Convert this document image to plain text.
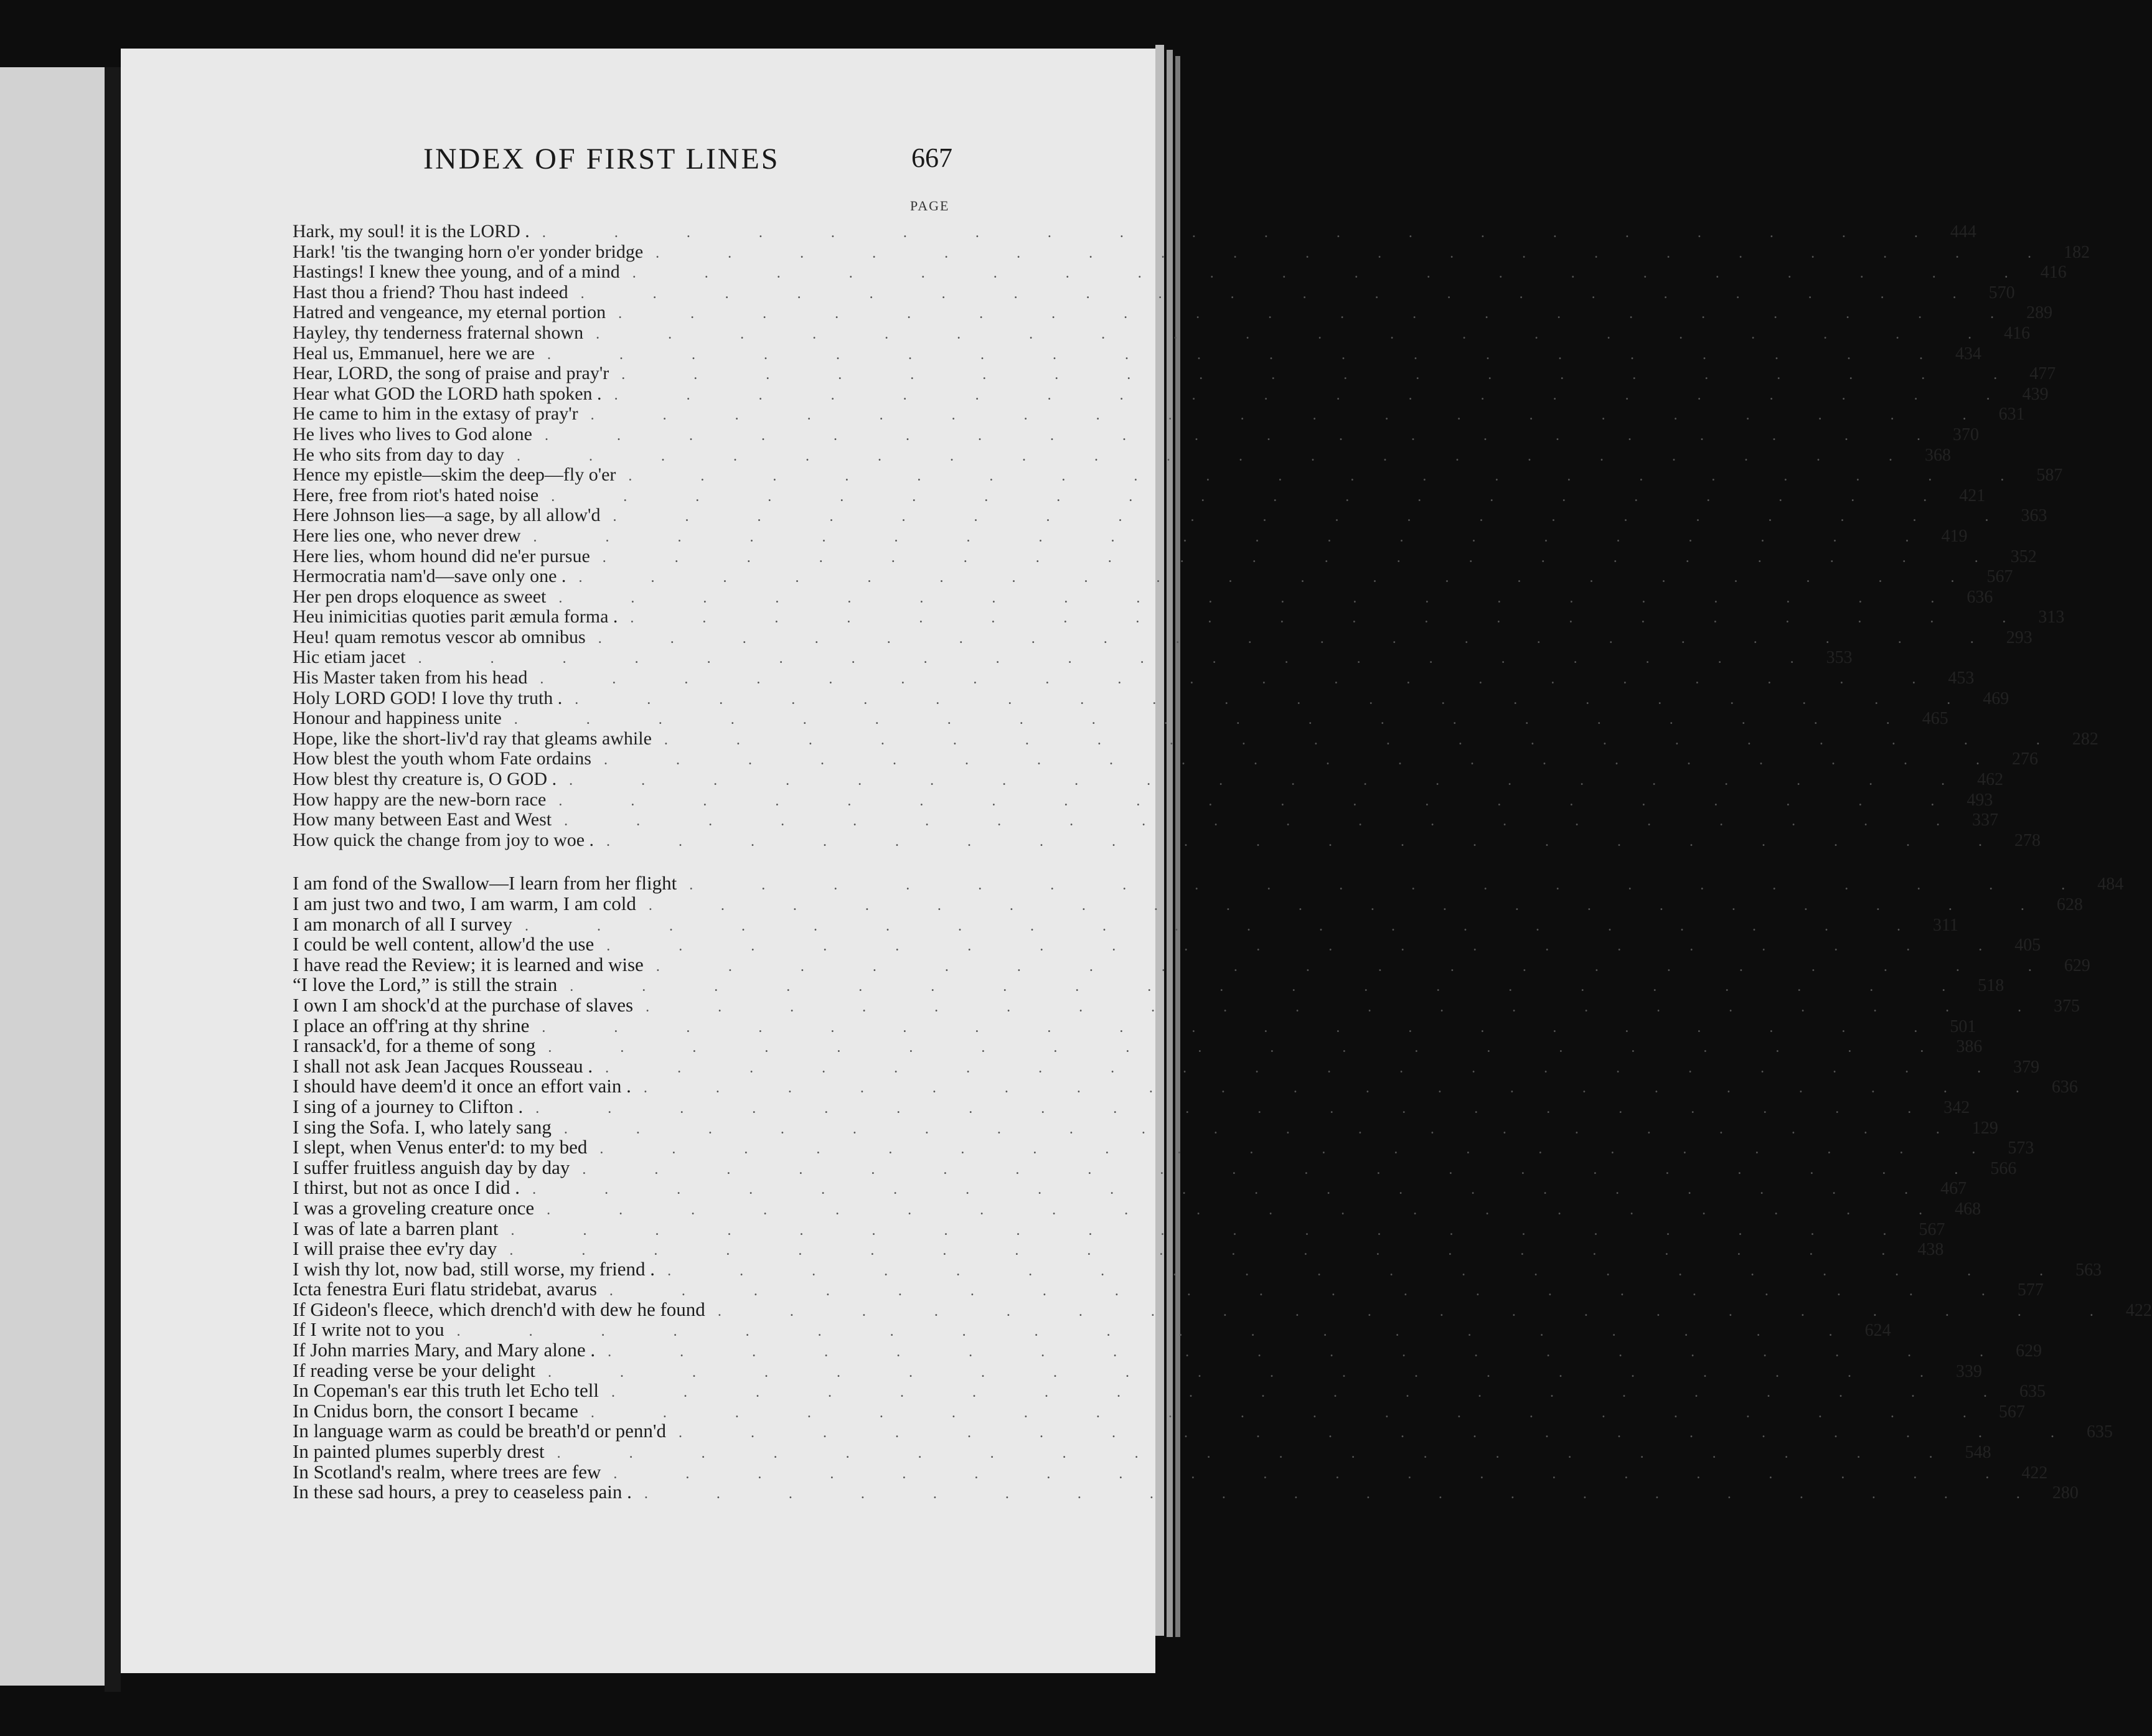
INDEX OF FIRST LINES	667
PAGE
Hark, my soul! it is the LORD . . . . . . . . . . . . . . . . . . . . . 444
Hark! 'tis the twanging horn o'er yonder bridge . . . . . . . . . . . . . . . . . . . . 182
Hastings! I knew thee young, and of a mind . . . . . . . . . . . . . . . . . . . . 416
Hast thou a friend? Thou hast indeed . . . . . . . . . . . . . . . . . . . . 570
Hatred and vengeance, my eternal portion . . . . . . . . . . . . . . . . . . . . 289
Hayley, thy tenderness fraternal shown . . . . . . . . . . . . . . . . . . . . 416
Heal us, Emmanuel, here we are . . . . . . . . . . . . . . . . . . . . 434
Hear, LORD, the song of praise and pray'r . . . . . . . . . . . . . . . . . . . . 477
Hear what GOD the LORD hath spoken . . . . . . . . . . . . . . . . . . . . . 439
He came to him in the extasy of pray'r . . . . . . . . . . . . . . . . . . . . 631
He lives who lives to God alone . . . . . . . . . . . . . . . . . . . . 370
He who sits from day to day . . . . . . . . . . . . . . . . . . . . 368
Hence my epistle—skim the deep—fly o'er . . . . . . . . . . . . . . . . . . . . 587
Here, free from riot's hated noise . . . . . . . . . . . . . . . . . . . . 421
Here Johnson lies—a sage, by all allow'd . . . . . . . . . . . . . . . . . . . . 363
Here lies one, who never drew . . . . . . . . . . . . . . . . . . . . 419
Here lies, whom hound did ne'er pursue . . . . . . . . . . . . . . . . . . . . 352
Hermocratia nam'd—save only one . . . . . . . . . . . . . . . . . . . . . 567
Her pen drops eloquence as sweet . . . . . . . . . . . . . . . . . . . . 636
Heu inimicitias quoties parit æmula forma . . . . . . . . . . . . . . . . . . . . . 313
Heu! quam remotus vescor ab omnibus . . . . . . . . . . . . . . . . . . . . 293
Hic etiam jacet . . . . . . . . . . . . . . . . . . . . 353
His Master taken from his head . . . . . . . . . . . . . . . . . . . . 453
Holy LORD GOD! I love thy truth . . . . . . . . . . . . . . . . . . . . . 469
Honour and happiness unite . . . . . . . . . . . . . . . . . . . . 465
Hope, like the short-liv'd ray that gleams awhile . . . . . . . . . . . . . . . . . . . . 282
How blest the youth whom Fate ordains . . . . . . . . . . . . . . . . . . . . 276
How blest thy creature is, O GOD . . . . . . . . . . . . . . . . . . . . . 462
How happy are the new-born race . . . . . . . . . . . . . . . . . . . . 493
How many between East and West . . . . . . . . . . . . . . . . . . . . 337
How quick the change from joy to woe . . . . . . . . . . . . . . . . . . . . . 278
I am fond of the Swallow—I learn from her flight . . . . . . . . . . . . . . . . . . . . 484
I am just two and two, I am warm, I am cold . . . . . . . . . . . . . . . . . . . . 628
I am monarch of all I survey . . . . . . . . . . . . . . . . . . . . 311
I could be well content, allow'd the use . . . . . . . . . . . . . . . . . . . . 405
I have read the Review; it is learned and wise . . . . . . . . . . . . . . . . . . . . 629
“I love the Lord,” is still the strain . . . . . . . . . . . . . . . . . . . . 518
I own I am shock'd at the purchase of slaves . . . . . . . . . . . . . . . . . . . . 375
I place an off'ring at thy shrine . . . . . . . . . . . . . . . . . . . . 501
I ransack'd, for a theme of song . . . . . . . . . . . . . . . . . . . . 386
I shall not ask Jean Jacques Rousseau . . . . . . . . . . . . . . . . . . . . . 379
I should have deem'd it once an effort vain . . . . . . . . . . . . . . . . . . . . . 636
I sing of a journey to Clifton . . . . . . . . . . . . . . . . . . . . . 342
I sing the Sofa. I, who lately sang . . . . . . . . . . . . . . . . . . . . 129
I slept, when Venus enter'd: to my bed . . . . . . . . . . . . . . . . . . . . 573
I suffer fruitless anguish day by day . . . . . . . . . . . . . . . . . . . . 566
I thirst, but not as once I did . . . . . . . . . . . . . . . . . . . . . 467
I was a groveling creature once . . . . . . . . . . . . . . . . . . . . 468
I was of late a barren plant . . . . . . . . . . . . . . . . . . . . 567
I will praise thee ev'ry day . . . . . . . . . . . . . . . . . . . . 438
I wish thy lot, now bad, still worse, my friend . . . . . . . . . . . . . . . . . . . . . 563
Icta fenestra Euri flatu stridebat, avarus . . . . . . . . . . . . . . . . . . . . 577
If Gideon's fleece, which drench'd with dew he found . . . . . . . . . . . . . . . . . . . . 422
If I write not to you . . . . . . . . . . . . . . . . . . . . 624
If John marries Mary, and Mary alone . . . . . . . . . . . . . . . . . . . . . 629
If reading verse be your delight . . . . . . . . . . . . . . . . . . . . 339
In Copeman's ear this truth let Echo tell . . . . . . . . . . . . . . . . . . . . 635
In Cnidus born, the consort I became . . . . . . . . . . . . . . . . . . . . 567
In language warm as could be breath'd or penn'd . . . . . . . . . . . . . . . . . . . . 635
In painted plumes superbly drest . . . . . . . . . . . . . . . . . . . . 548
In Scotland's realm, where trees are few . . . . . . . . . . . . . . . . . . . . 422
In these sad hours, a prey to ceaseless pain . . . . . . . . . . . . . . . . . . . . . 280
